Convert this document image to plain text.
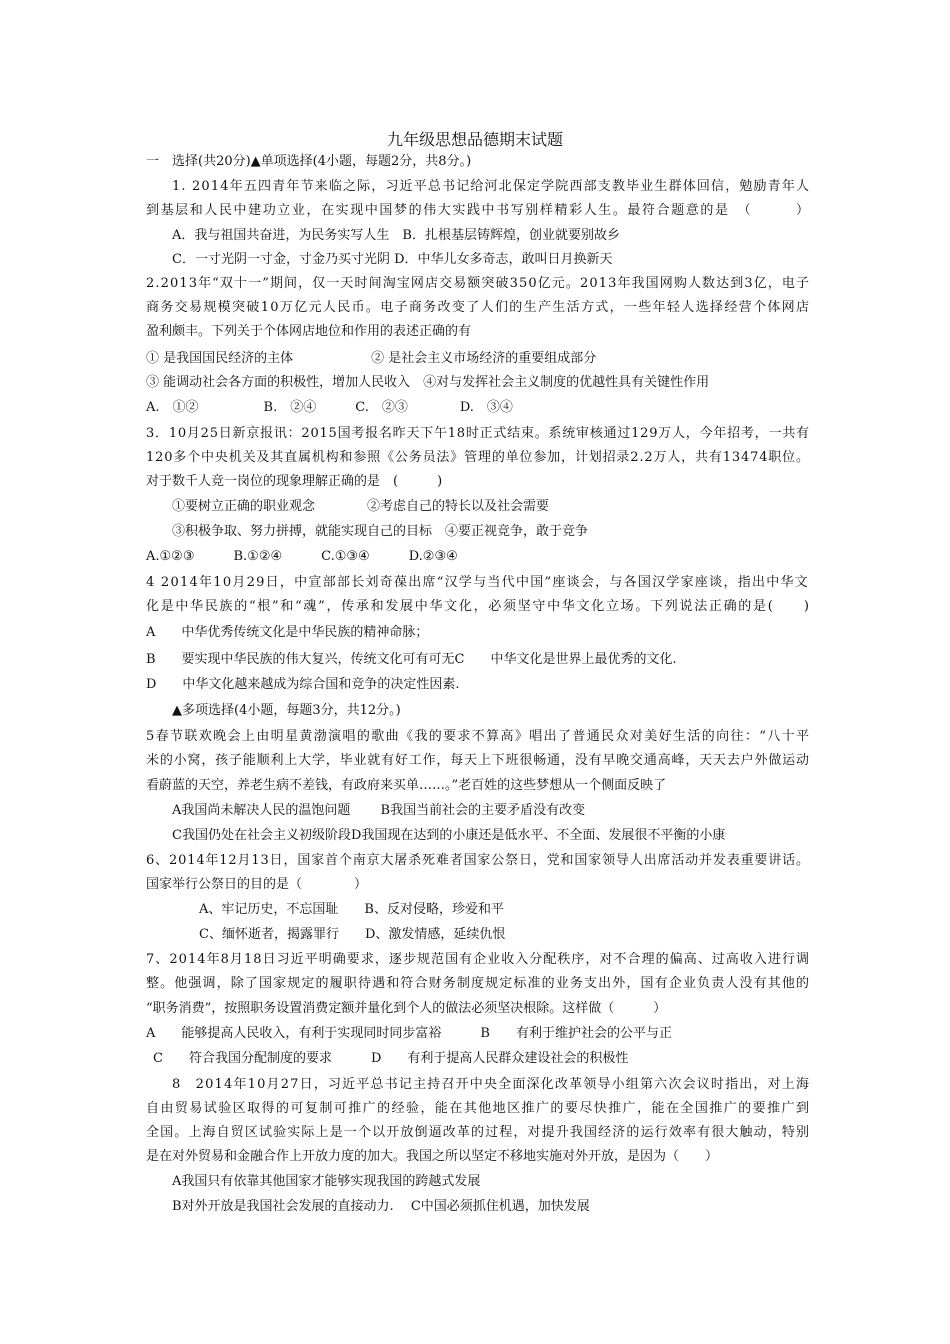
九年级思想品德期末试题
一　选择(共20分)▲单项选择(4小题，每题2分，共8分。)
1. 2014年五四青年节来临之际，习近平总书记给河北保定学院西部支教毕业生群体回信，勉励青年人
到基层和人民中建功立业，在实现中国梦的伟大实践中书写别样精彩人生。最符合题意的是　（　　　）
A．我与祖国共奋进，为民务实写人生　B．扎根基层铸辉煌，创业就要别故乡
C．一寸光阴一寸金，寸金乃买寸光阴 D．中华儿女多奇志，敢叫日月换新天
2.2013年“双十一”期间，仅一天时间淘宝网店交易额突破350亿元。2013年我国网购人数达到3亿，电子
商务交易规模突破10万亿元人民币。电子商务改变了人们的生产生活方式，一些年轻人选择经营个体网店
盈利颇丰。下列关于个体网店地位和作用的表述正确的有
① 是我国国民经济的主体　　　　　　② 是社会主义市场经济的重要组成部分
③ 能调动社会各方面的积极性，增加人民收入　④对与发挥社会主义制度的优越性具有关键性作用
A.　①②　　　　　B.　②④　　　C.　②③　　　　D.　③④
3．10月25日新京报讯：2015国考报名昨天下午18时正式结束。系统审核通过129万人，今年招考，一共有
120多个中央机关及其直属机构和参照《公务员法》管理的单位参加，计划招录2.2万人，共有13474职位。
对于数千人竞一岗位的现象理解正确的是　(　　　)
①要树立正确的职业观念　　　　②考虑自己的特长以及社会需要
③积极争取、努力拼搏，就能实现自己的目标　④要正视竞争，敢于竞争
A.①②③　　　B.①②④　　　C.①③④　　　D.②③④
4 2014年10月29日，中宣部部长刘奇葆出席“汉学与当代中国”座谈会，与各国汉学家座谈，指出中华文
化是中华民族的“根”和“魂”，传承和发展中华文化，必须坚守中华文化立场。下列说法正确的是(　　)
A　　中华优秀传统文化是中华民族的精神命脉；
B　　要实现中华民族的伟大复兴，传统文化可有可无C　　中华文化是世界上最优秀的文化.
D　　中华文化越来越成为综合国和竞争的决定性因素.
▲多项选择(4小题，每题3分，共12分。)
5春节联欢晚会上由明星黄渤演唱的歌曲《我的要求不算高》唱出了普通民众对美好生活的向往：“八十平
米的小窝，孩子能顺利上大学，毕业就有好工作，每天上下班很畅通，没有早晚交通高峰，天天去户外做运动
看蔚蓝的天空，养老生病不差钱，有政府来买单……。”老百姓的这些梦想从一个侧面反映了
A我国尚未解决人民的温饱问题　　 B我国当前社会的主要矛盾没有改变
C我国仍处在社会主义初级阶段D我国现在达到的小康还是低水平、不全面、发展很不平衡的小康
6、2014年12月13日，国家首个南京大屠杀死难者国家公祭日，党和国家领导人出席活动并发表重要讲话。
国家举行公祭日的目的是（　　　　）
A、牢记历史，不忘国耻　　B、反对侵略，珍爱和平
C、缅怀逝者，揭露罪行　　D、激发情感，延续仇恨
7、2014年8月18日习近平明确要求，逐步规范国有企业收入分配秩序，对不合理的偏高、过高收入进行调
整。他强调，除了国家规定的履职待遇和符合财务制度规定标准的业务支出外，国有企业负责人没有其他的
“职务消费”，按照职务设置消费定额并量化到个人的做法必须坚决根除。这样做（　　　）
A　　能够提高人民收入，有利于实现同时同步富裕　　　B　　有利于维护社会的公平与正
C　　符合我国分配制度的要求　　　D　　有利于提高人民群众建设社会的积极性
8　2014年10月27日，习近平总书记主持召开中央全面深化改革领导小组第六次会议时指出，对上海
自由贸易试验区取得的可复制可推广的经验，能在其他地区推广的要尽快推广，能在全国推广的要推广到
全国。上海自贸区试验实际上是一个以开放倒逼改革的过程，对提升我国经济的运行效率有很大触动，特别
是在对外贸易和金融合作上开放力度的加大。我国之所以坚定不移地实施对外开放，是因为（　　）
A我国只有依靠其他国家才能够实现我国的跨越式发展
B对外开放是我国社会发展的直接动力.　 C中国必须抓住机遇，加快发展
